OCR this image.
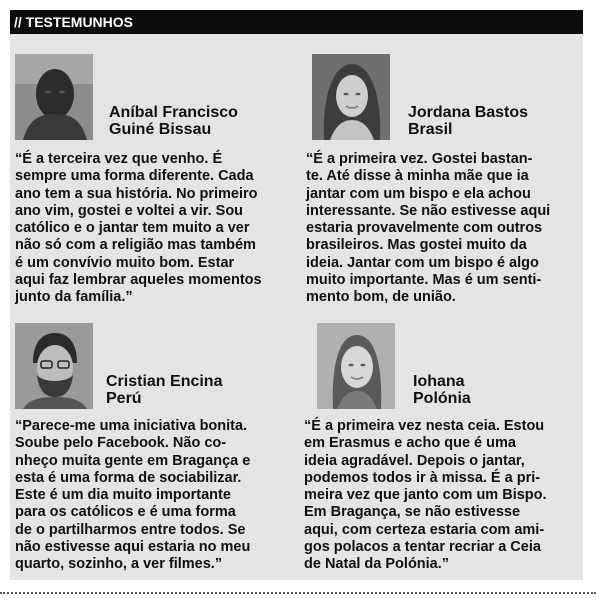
// TESTEMUNHOS
Aníbal Francisco
Guiné Bissau
“É a terceira vez que venho. É
sempre uma forma diferente. Cada
ano tem a sua história. No primeiro
ano vim, gostei e voltei a vir. Sou
católico e o jantar tem muito a ver
não só com a religião mas também
é um convívio muito bom. Estar
aqui faz lembrar aqueles momentos
junto da família.”
Jordana Bastos
Brasil
“É a primeira vez. Gostei bastan-
te. Até disse à minha mãe que ia
jantar com um bispo e ela achou
interessante. Se não estivesse aqui
estaria provavelmente com outros
brasileiros. Mas gostei muito da
ideia. Jantar com um bispo é algo
muito importante. Mas é um senti-
mento bom, de união.
Cristian Encina
Perú
“Parece-me uma iniciativa bonita.
Soube pelo Facebook. Não co-
nheço muita gente em Bragança e
esta é uma forma de sociabilizar.
Este é um dia muito importante
para os católicos e é uma forma
de o partilharmos entre todos. Se
não estivesse aqui estaria no meu
quarto, sozinho, a ver filmes.”
Iohana
Polónia
“É a primeira vez nesta ceia. Estou
em Erasmus e acho que é uma
ideia agradável. Depois o jantar,
podemos todos ir à missa. É a pri-
meira vez que janto com um Bispo.
Em Bragança, se não estivesse
aqui, com certeza estaria com ami-
gos polacos a tentar recriar a Ceia
de Natal da Polónia.”
